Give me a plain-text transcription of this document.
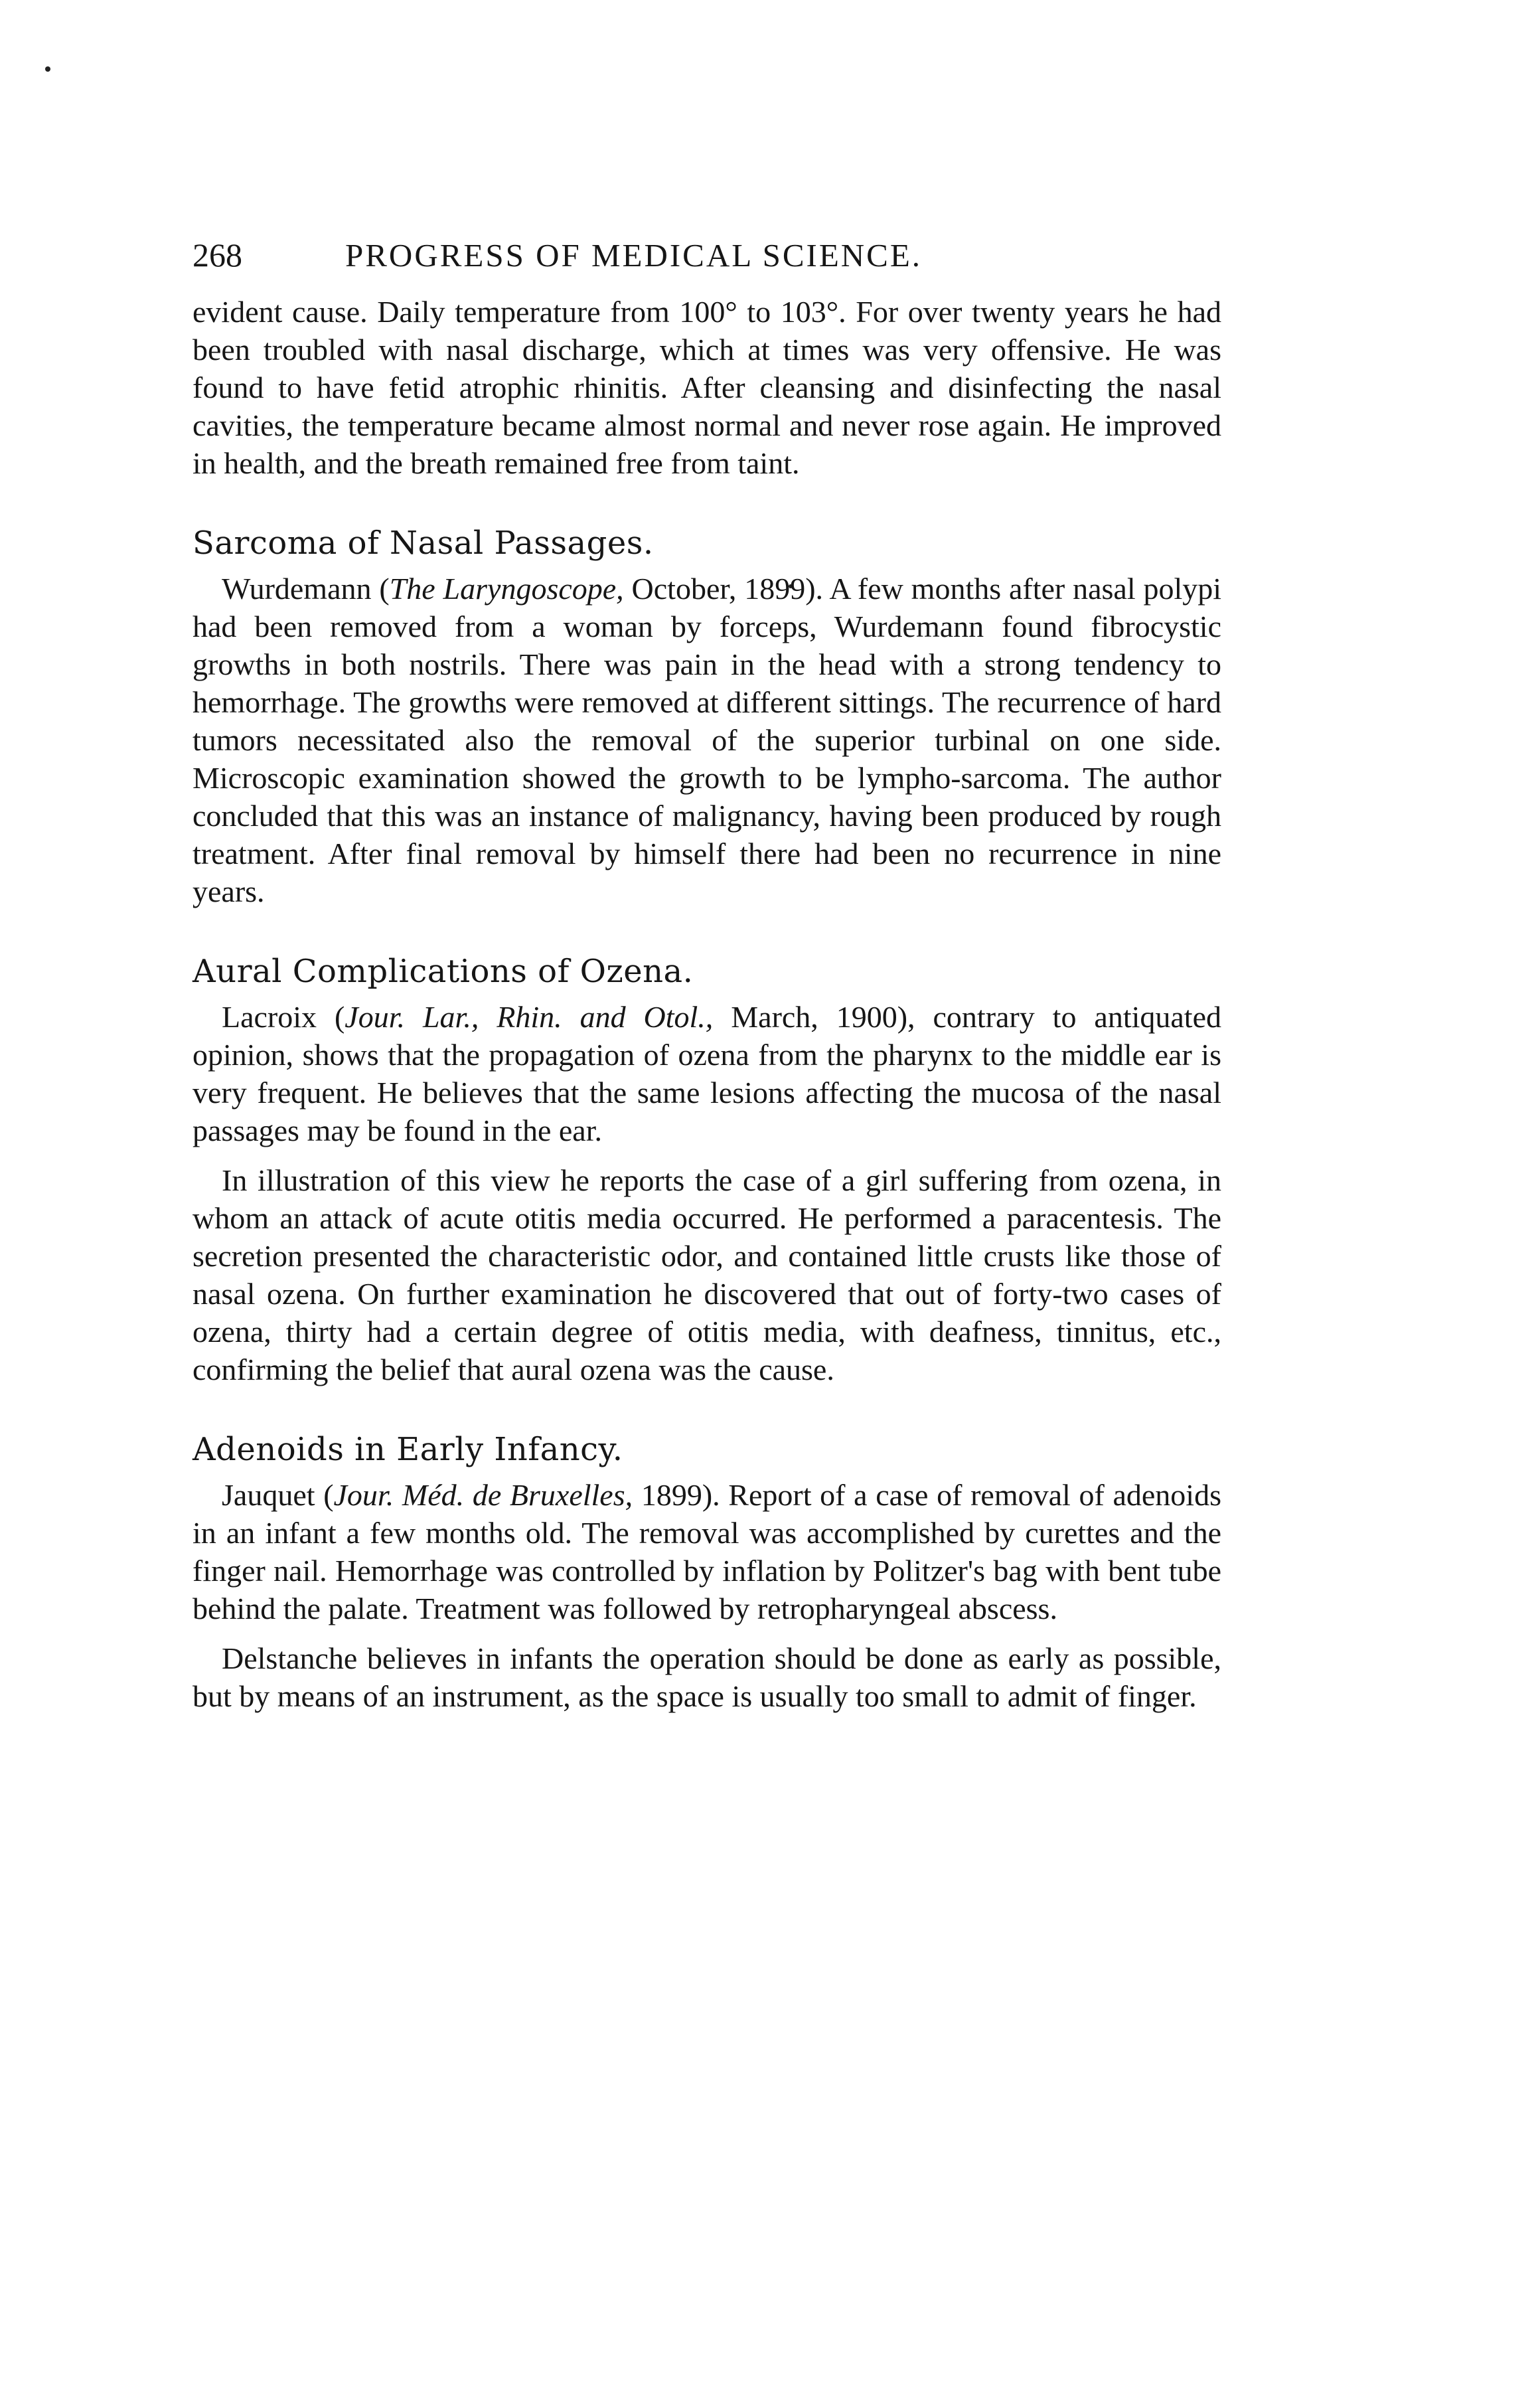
268	PROGRESS OF MEDICAL SCIENCE.

evident cause. Daily temperature from 100° to 103°. For over twenty years he had been troubled with nasal discharge, which at times was very offensive. He was found to have fetid atrophic rhinitis. After cleansing and disinfecting the nasal cavities, the temperature became almost normal and never rose again. He improved in health, and the breath remained free from taint.

Sarcoma of Nasal Passages.

Wurdemann (The Laryngoscope, October, 1899). A few months after nasal polypi had been removed from a woman by forceps, Wurdemann found fibrocystic growths in both nostrils. There was pain in the head with a strong tendency to hemorrhage. The growths were removed at different sittings. The recurrence of hard tumors necessitated also the removal of the superior turbinal on one side. Microscopic examination showed the growth to be lympho-sarcoma. The author concluded that this was an instance of malignancy, having been produced by rough treatment. After final removal by himself there had been no recurrence in nine years.

Aural Complications of Ozena.

Lacroix (Jour. Lar., Rhin. and Otol., March, 1900), contrary to antiquated opinion, shows that the propagation of ozena from the pharynx to the middle ear is very frequent. He believes that the same lesions affecting the mucosa of the nasal passages may be found in the ear.

In illustration of this view he reports the case of a girl suffering from ozena, in whom an attack of acute otitis media occurred. He performed a paracentesis. The secretion presented the characteristic odor, and contained little crusts like those of nasal ozena. On further examination he discovered that out of forty-two cases of ozena, thirty had a certain degree of otitis media, with deafness, tinnitus, etc., confirming the belief that aural ozena was the cause.

Adenoids in Early Infancy.

Jauquet (Jour. Méd. de Bruxelles, 1899). Report of a case of removal of adenoids in an infant a few months old. The removal was accomplished by curettes and the finger nail. Hemorrhage was controlled by inflation by Politzer's bag with bent tube behind the palate. Treatment was followed by retropharyngeal abscess.

Delstanche believes in infants the operation should be done as early as possible, but by means of an instrument, as the space is usually too small to admit of finger.
